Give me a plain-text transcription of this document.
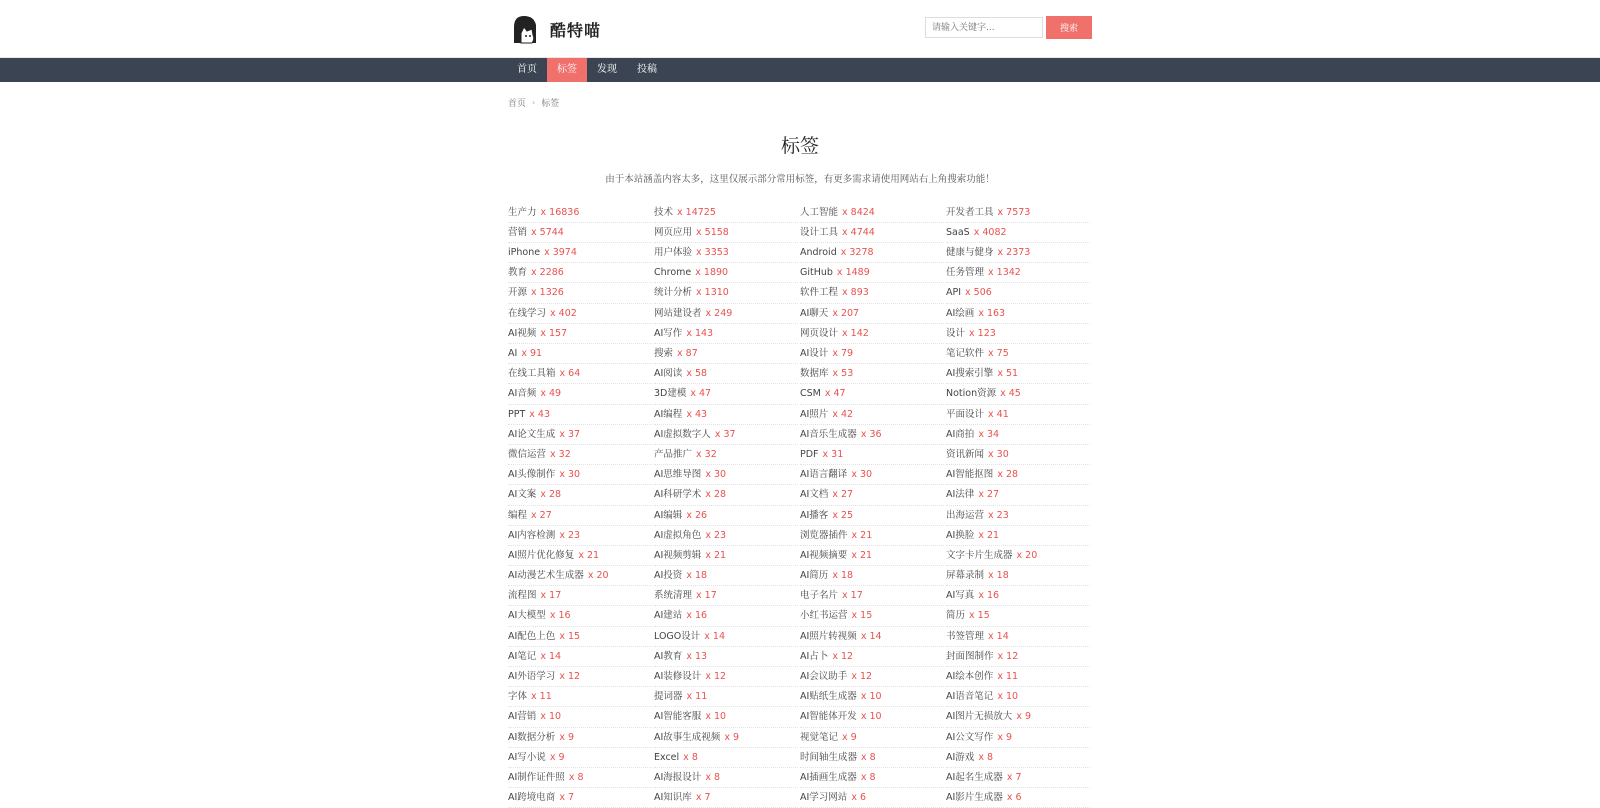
酷特喵
请输入关键字...	搜索
首页	标签	发现	投稿
首页 › 标签
标签
由于本站涵盖内容太多，这里仅展示部分常用标签，有更多需求请使用网站右上角搜索功能！
生产力 x 16836	技术 x 14725	人工智能 x 8424	开发者工具 x 7573
营销 x 5744	网页应用 x 5158	设计工具 x 4744	SaaS x 4082
iPhone x 3974	用户体验 x 3353	Android x 3278	健康与健身 x 2373
教育 x 2286	Chrome x 1890	GitHub x 1489	任务管理 x 1342
开源 x 1326	统计分析 x 1310	软件工程 x 893	API x 506
在线学习 x 402	网站建设者 x 249	AI聊天 x 207	AI绘画 x 163
AI视频 x 157	AI写作 x 143	网页设计 x 142	设计 x 123
AI x 91	搜索 x 87	AI设计 x 79	笔记软件 x 75
在线工具箱 x 64	AI阅读 x 58	数据库 x 53	AI搜索引擎 x 51
AI音频 x 49	3D建模 x 47	CSM x 47	Notion资源 x 45
PPT x 43	AI编程 x 43	AI照片 x 42	平面设计 x 41
AI论文生成 x 37	AI虚拟数字人 x 37	AI音乐生成器 x 36	AI商拍 x 34
微信运营 x 32	产品推广 x 32	PDF x 31	资讯新闻 x 30
AI头像制作 x 30	AI思维导图 x 30	AI语言翻译 x 30	AI智能抠图 x 28
AI文案 x 28	AI科研学术 x 28	AI文档 x 27	AI法律 x 27
编程 x 27	AI编辑 x 26	AI播客 x 25	出海运营 x 23
AI内容检测 x 23	AI虚拟角色 x 23	浏览器插件 x 21	AI换脸 x 21
AI照片优化修复 x 21	AI视频剪辑 x 21	AI视频摘要 x 21	文字卡片生成器 x 20
AI动漫艺术生成器 x 20	AI投资 x 18	AI简历 x 18	屏幕录制 x 18
流程图 x 17	系统清理 x 17	电子名片 x 17	AI写真 x 16
AI大模型 x 16	AI建站 x 16	小红书运营 x 15	简历 x 15
AI配色上色 x 15	LOGO设计 x 14	AI照片转视频 x 14	书签管理 x 14
AI笔记 x 14	AI教育 x 13	AI占卜 x 12	封面图制作 x 12
AI外语学习 x 12	AI装修设计 x 12	AI会议助手 x 12	AI绘本创作 x 11
字体 x 11	提词器 x 11	AI贴纸生成器 x 10	AI语音笔记 x 10
AI营销 x 10	AI智能客服 x 10	AI智能体开发 x 10	AI图片无损放大 x 9
AI数据分析 x 9	AI故事生成视频 x 9	视觉笔记 x 9	AI公文写作 x 9
AI写小说 x 9	Excel x 8	时间轴生成器 x 8	AI游戏 x 8
AI制作证件照 x 8	AI海报设计 x 8	AI插画生成器 x 8	AI起名生成器 x 7
AI跨境电商 x 7	AI知识库 x 7	AI学习网站 x 6	AI影片生成器 x 6
